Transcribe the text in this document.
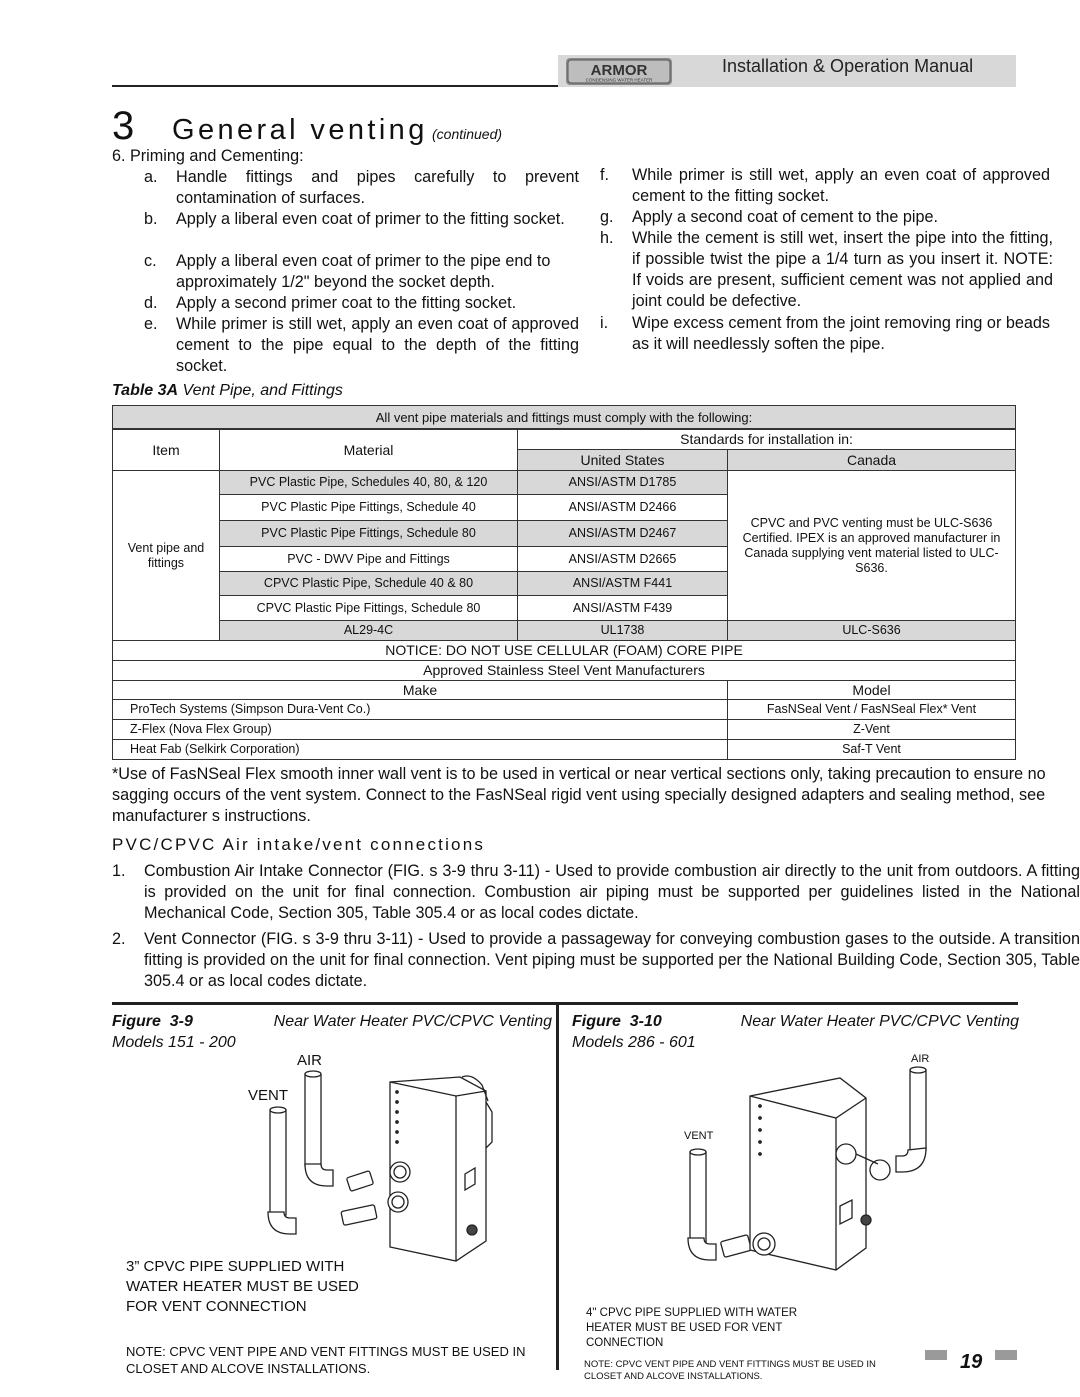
ARMOR
CONDENSING WATER HEATER
Installation & Operation Manual
3 General venting (continued)
6. Priming and Cementing:
a. Handle fittings and pipes carefully to prevent contamination of surfaces.
b. Apply a liberal even coat of primer to the fitting socket.
c. Apply a liberal even coat of primer to the pipe end to approximately 1/2" beyond the socket depth.
d. Apply a second primer coat to the fitting socket.
e. While primer is still wet, apply an even coat of approved cement to the pipe equal to the depth of the fitting socket.
f. While primer is still wet, apply an even coat of approved cement to the fitting socket.
g. Apply a second coat of cement to the pipe.
h. While the cement is still wet, insert the pipe into the fitting, if possible twist the pipe a 1/4 turn as you insert it. NOTE: If voids are present, sufficient cement was not applied and joint could be defective.
i. Wipe excess cement from the joint removing ring or beads as it will needlessly soften the pipe.
Table 3A Vent Pipe, and Fittings
All vent pipe materials and fittings must comply with the following:
Item	Material
Standards for installation in:
United States	Canada
Vent pipe and fittings
PVC Plastic Pipe, Schedules 40, 80, & 120	ANSI/ASTM D1785
PVC Plastic Pipe Fittings, Schedule 40	ANSI/ASTM D2466
PVC Plastic Pipe Fittings, Schedule 80	ANSI/ASTM D2467
PVC - DWV Pipe and Fittings	ANSI/ASTM D2665
CPVC Plastic Pipe, Schedule 40 & 80	ANSI/ASTM F441
CPVC Plastic Pipe Fittings, Schedule 80	ANSI/ASTM F439
CPVC and PVC venting must be ULC-S636 Certified. IPEX is an approved manufacturer in Canada supplying vent material listed to ULC-S636.
AL29-4C	UL1738	ULC-S636
NOTICE: DO NOT USE CELLULAR (FOAM) CORE PIPE
Approved Stainless Steel Vent Manufacturers
Make	Model
ProTech Systems (Simpson Dura-Vent Co.)	FasNSeal Vent / FasNSeal Flex* Vent
Z-Flex (Nova Flex Group)	Z-Vent
Heat Fab (Selkirk Corporation)	Saf-T Vent
*Use of FasNSeal Flex smooth inner wall vent is to be used in vertical or near vertical sections only, taking precaution to ensure no sagging occurs of the vent system. Connect to the FasNSeal rigid vent using specially designed adapters and sealing method, see manufacturer s instructions.
PVC/CPVC Air intake/vent connections
1. Combustion Air Intake Connector (FIG. s 3-9 thru 3-11) - Used to provide combustion air directly to the unit from outdoors. A fitting is provided on the unit for final connection. Combustion air piping must be supported per guidelines listed in the National Mechanical Code, Section 305, Table 305.4 or as local codes dictate.
2. Vent Connector (FIG. s 3-9 thru 3-11) - Used to provide a passageway for conveying combustion gases to the outside. A transition fitting is provided on the unit for final connection. Vent piping must be supported per the National Building Code, Section 305, Table 305.4 or as local codes dictate.
Figure 3-9	Near Water Heater PVC/CPVC Venting
Models 151 - 200
AIR
VENT
3” CPVC PIPE SUPPLIED WITH WATER HEATER MUST BE USED FOR VENT CONNECTION
NOTE: CPVC VENT PIPE AND VENT FITTINGS MUST BE USED IN CLOSET AND ALCOVE INSTALLATIONS.
Figure 3-10	Near Water Heater PVC/CPVC Venting
Models 286 - 601
AIR
VENT
4" CPVC PIPE SUPPLIED WITH WATER HEATER MUST BE USED FOR VENT CONNECTION
NOTE: CPVC VENT PIPE AND VENT FITTINGS MUST BE USED IN CLOSET AND ALCOVE INSTALLATIONS.
19
